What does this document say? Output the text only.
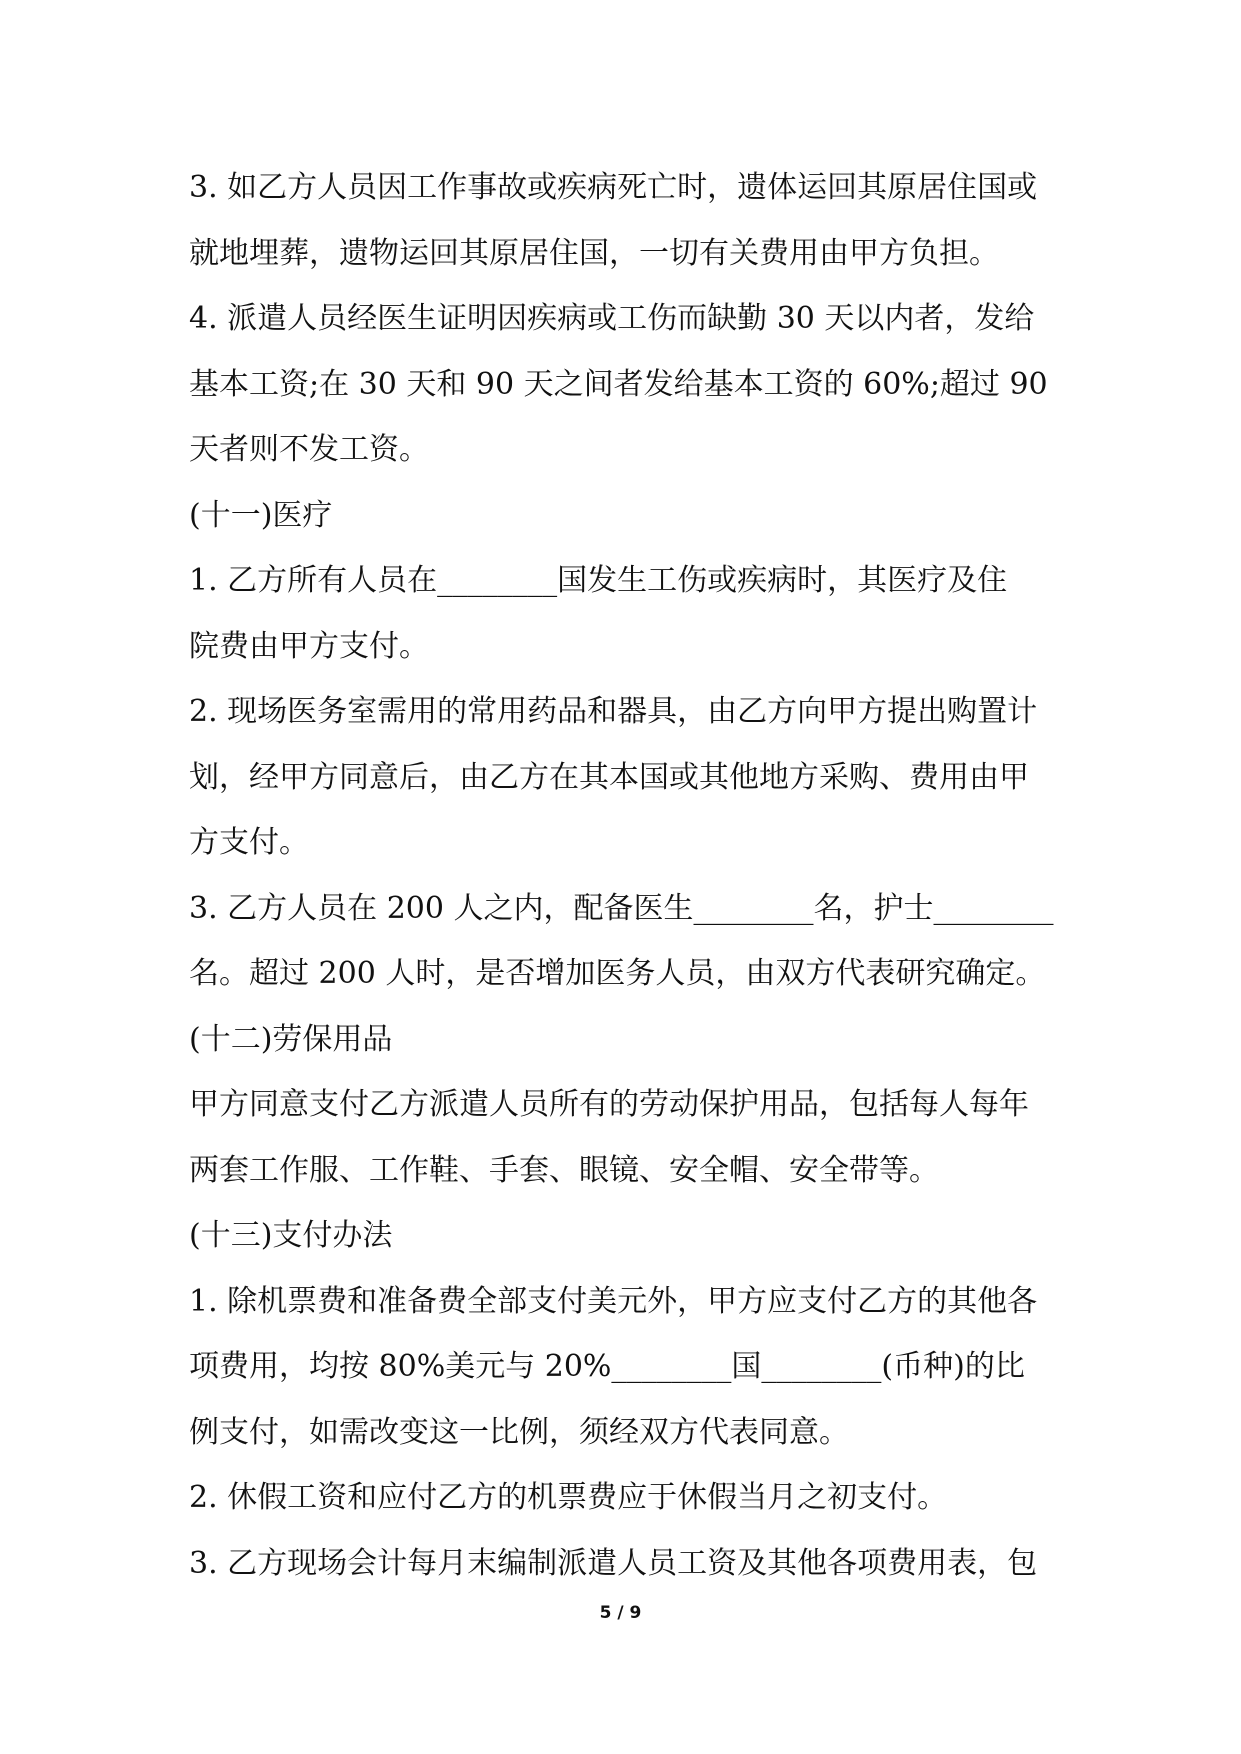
3. 如乙方人员因工作事故或疾病死亡时，遗体运回其原居住国或
就地埋葬，遗物运回其原居住国，一切有关费用由甲方负担。
4. 派遣人员经医生证明因疾病或工伤而缺勤 30 天以内者，发给
基本工资;在 30 天和 90 天之间者发给基本工资的 60%;超过 90
天者则不发工资。
(十一)医疗
1. 乙方所有人员在________国发生工伤或疾病时，其医疗及住
院费由甲方支付。
2. 现场医务室需用的常用药品和器具，由乙方向甲方提出购置计
划，经甲方同意后，由乙方在其本国或其他地方采购、费用由甲
方支付。
3. 乙方人员在 200 人之内，配备医生________名，护士________
名。超过 200 人时，是否增加医务人员，由双方代表研究确定。
(十二)劳保用品
甲方同意支付乙方派遣人员所有的劳动保护用品，包括每人每年
两套工作服、工作鞋、手套、眼镜、安全帽、安全带等。
(十三)支付办法
1. 除机票费和准备费全部支付美元外，甲方应支付乙方的其他各
项费用，均按 80%美元与 20%________国________(币种)的比
例支付，如需改变这一比例，须经双方代表同意。
2. 休假工资和应付乙方的机票费应于休假当月之初支付。
3. 乙方现场会计每月末编制派遣人员工资及其他各项费用表，包
5 / 9
